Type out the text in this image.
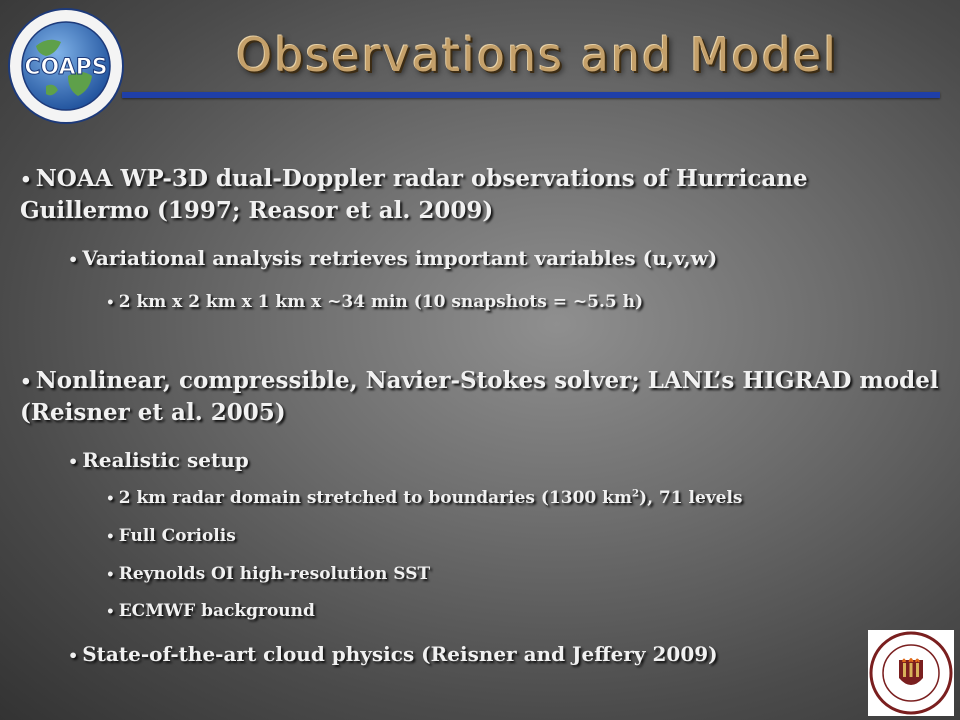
COAPS	Observations and Model
• NOAA WP-3D dual-Doppler radar observations of Hurricane Guillermo (1997; Reasor et al. 2009)
• Variational analysis retrieves important variables (u,v,w)
• 2 km x 2 km x 1 km x ~34 min (10 snapshots = ~5.5 h)
• Nonlinear, compressible, Navier-Stokes solver; LANL’s HIGRAD model (Reisner et al. 2005)
• Realistic setup
• 2 km radar domain stretched to boundaries (1300 $km^2$), 71 levels
• Full Coriolis
• Reynolds OI high-resolution SST
• ECMWF background
• State-of-the-art cloud physics (Reisner and Jeffery 2009)
